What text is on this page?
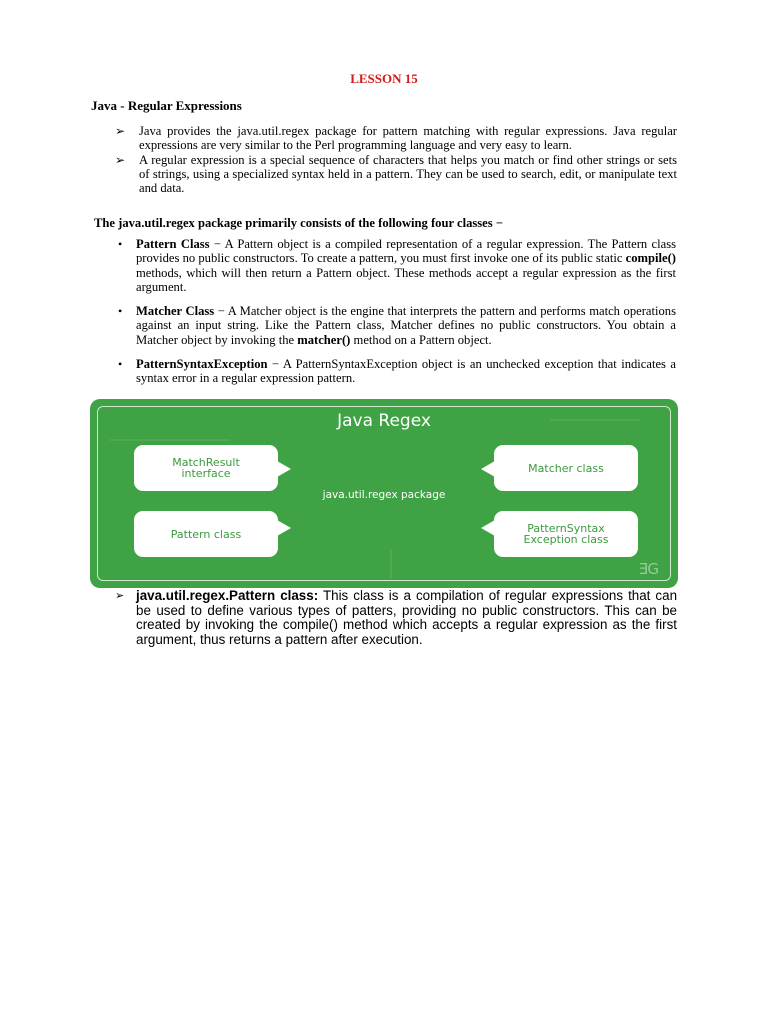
LESSON 15

Java - Regular Expressions

➢ Java provides the java.util.regex package for pattern matching with regular expressions. Java regular expressions are very similar to the Perl programming language and very easy to learn.
➢ A regular expression is a special sequence of characters that helps you match or find other strings or sets of strings, using a specialized syntax held in a pattern. They can be used to search, edit, or manipulate text and data.

The java.util.regex package primarily consists of the following four classes −

• Pattern Class − A Pattern object is a compiled representation of a regular expression. The Pattern class provides no public constructors. To create a pattern, you must first invoke one of its public static compile() methods, which will then return a Pattern object. These methods accept a regular expression as the first argument.
• Matcher Class − A Matcher object is the engine that interprets the pattern and performs match operations against an input string. Like the Pattern class, Matcher defines no public constructors. You obtain a Matcher object by invoking the matcher() method on a Pattern object.
• PatternSyntaxException − A PatternSyntaxException object is an unchecked exception that indicates a syntax error in a regular expression pattern.
Java Regex
java.util.regex package
MatchResult
interface
Pattern class
Matcher class
PatternSyntax
Exception class
ƎG
➢ java.util.regex.Pattern class: This class is a compilation of regular expressions that can be used to define various types of patters, providing no public constructors. This can be created by invoking the compile() method which accepts a regular expression as the first argument, thus returns a pattern after execution.
